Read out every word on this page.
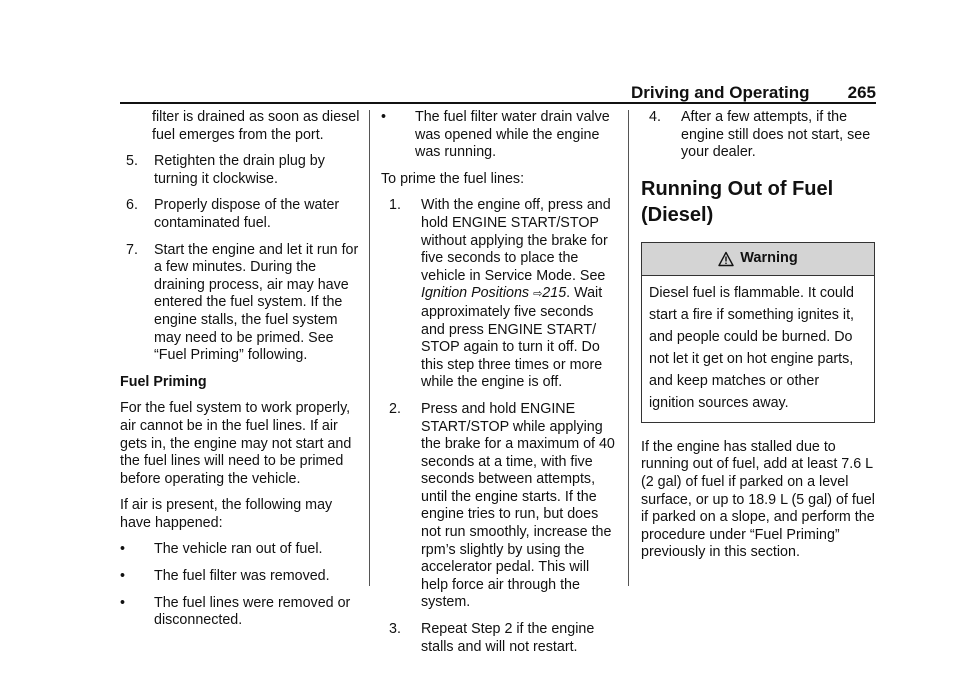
Driving and Operating 265
filter is drained as soon as diesel fuel emerges from the port.
5. Retighten the drain plug by turning it clockwise.
6. Properly dispose of the water contaminated fuel.
7. Start the engine and let it run for a few minutes. During the draining process, air may have entered the fuel system. If the engine stalls, the fuel system may need to be primed. See “Fuel Priming” following.
Fuel Priming

For the fuel system to work properly, air cannot be in the fuel lines. If air gets in, the engine may not start and the fuel lines will need to be primed before operating the vehicle.

If air is present, the following may have happened:

• The vehicle ran out of fuel.
• The fuel filter was removed.
• The fuel lines were removed or disconnected.
• The fuel filter water drain valve was opened while the engine was running.

To prime the fuel lines:

1. With the engine off, press and hold ENGINE START/STOP without applying the brake for five seconds to place the vehicle in Service Mode. See Ignition Positions ⇨215. Wait approximately five seconds and press ENGINE START/ STOP again to turn it off. Do this step three times or more while the engine is off.
2. Press and hold ENGINE START/STOP while applying the brake for a maximum of 40 seconds at a time, with five seconds between attempts, until the engine starts. If the engine tries to run, but does not run smoothly, increase the rpm’s slightly by using the accelerator pedal. This will help force air through the system.
3. Repeat Step 2 if the engine stalls and will not restart.
4. After a few attempts, if the engine still does not start, see your dealer.
Running Out of Fuel (Diesel)
Warning
Diesel fuel is flammable. It could start a fire if something ignites it, and people could be burned. Do not let it get on hot engine parts, and keep matches or other ignition sources away.

If the engine has stalled due to running out of fuel, add at least 7.6 L (2 gal) of fuel if parked on a level surface, or up to 18.9 L (5 gal) of fuel if parked on a slope, and perform the procedure under “Fuel Priming” previously in this section.
